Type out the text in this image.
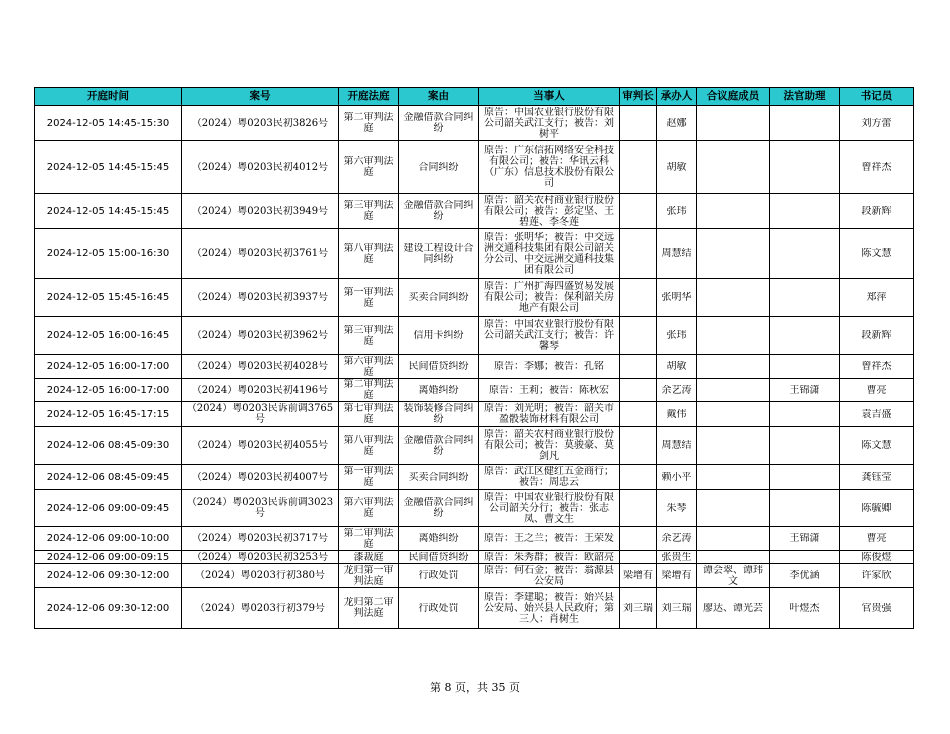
开庭时间	案号	开庭法庭	案由	当事人	审判长	承办人	合议庭成员	法官助理	书记员

2024-12-05 14:45-15:30	（2024）粤0203民初3826号	第二审判法庭	金融借款合同纠纷	原告：中国农业银行股份有限公司韶关武江支行；被告：刘树平		赵娜			刘方蕾

2024-12-05 14:45-15:45	（2024）粤0203民初4012号	第六审判法庭	合同纠纷	原告：广东信拓网络安全科技有限公司；被告：华讯云科（广东）信息技术股份有限公司		胡敏			曾祥杰

2024-12-05 14:45-15:45	（2024）粤0203民初3949号	第三审判法庭	金融借款合同纠纷	原告：韶关农村商业银行股份有限公司；被告：彭定坚、王碧莲、李冬莲		张玮			段新辉

2024-12-05 15:00-16:30	（2024）粤0203民初3761号	第八审判法庭	建设工程设计合同纠纷	原告：张明华；被告：中交远洲交通科技集团有限公司韶关分公司、中交远洲交通科技集团有限公司		周慧结			陈文慧

2024-12-05 15:45-16:45	（2024）粤0203民初3937号	第一审判法庭	买卖合同纠纷	原告：广州扩海四盛贸易发展有限公司；被告：保利韶关房地产有限公司		张明华			郑萍

2024-12-05 16:00-16:45	（2024）粤0203民初3962号	第三审判法庭	信用卡纠纷	原告：中国农业银行股份有限公司韶关武江支行；被告：许馨琴		张玮			段新辉

2024-12-05 16:00-17:00	（2024）粤0203民初4028号	第六审判法庭	民间借贷纠纷	原告：李娜；被告：孔铭		胡敏			曾祥杰

2024-12-05 16:00-17:00	（2024）粤0203民初4196号	第二审判法庭	离婚纠纷	原告：王莉；被告：陈秋宏		余艺涛		王锦潇	曹亮

2024-12-05 16:45-17:15	（2024）粤0203民诉前调3765号	第七审判法庭	装饰装修合同纠纷	原告：刘光明；被告：韶关市盈骰装饰材料有限公司		戴伟			袁吉盛

2024-12-06 08:45-09:30	（2024）粤0203民初4055号	第八审判法庭	金融借款合同纠纷	原告：韶关农村商业银行股份有限公司；被告：莫骏豪、莫剑凡		周慧结			陈文慧

2024-12-06 08:45-09:45	（2024）粤0203民初4007号	第一审判法庭	买卖合同纠纷	原告：武江区健红五金商行；被告：周忠云		赖小平			龚钰莹

2024-12-06 09:00-09:45	（2024）粤0203民诉前调3023号	第六审判法庭	金融借款合同纠纷	原告：中国农业银行股份有限公司韶关分行；被告：张志凤、曹文生		朱琴			陈毓卿

2024-12-06 09:00-10:00	（2024）粤0203民初3717号	第二审判法庭	离婚纠纷	原告：王之兰；被告：王荣发		余艺涛		王锦潇	曹亮

2024-12-06 09:00-09:15	（2024）粤0203民初3253号	漆裁庭	民间借贷纠纷	原告：朱秀群；被告：欧韶亮		张贵生			陈俊煜

2024-12-06 09:30-12:00	（2024）粤0203行初380号	龙归第一审判法庭	行政处罚	原告：何石金；被告：翁源县公安局	梁增有	梁增有	谭会翠、谭玮文	李优涵	许家欣

2024-12-06 09:30-12:00	（2024）粤0203行初379号	龙归第二审判法庭	行政处罚	原告：李建聪；被告：始兴县公安局、始兴县人民政府；第三人：肖树生	刘三瑞	刘三瑞	廖达、谭光芸	叶煜杰	官贵强
第 8 页，共 35 页
